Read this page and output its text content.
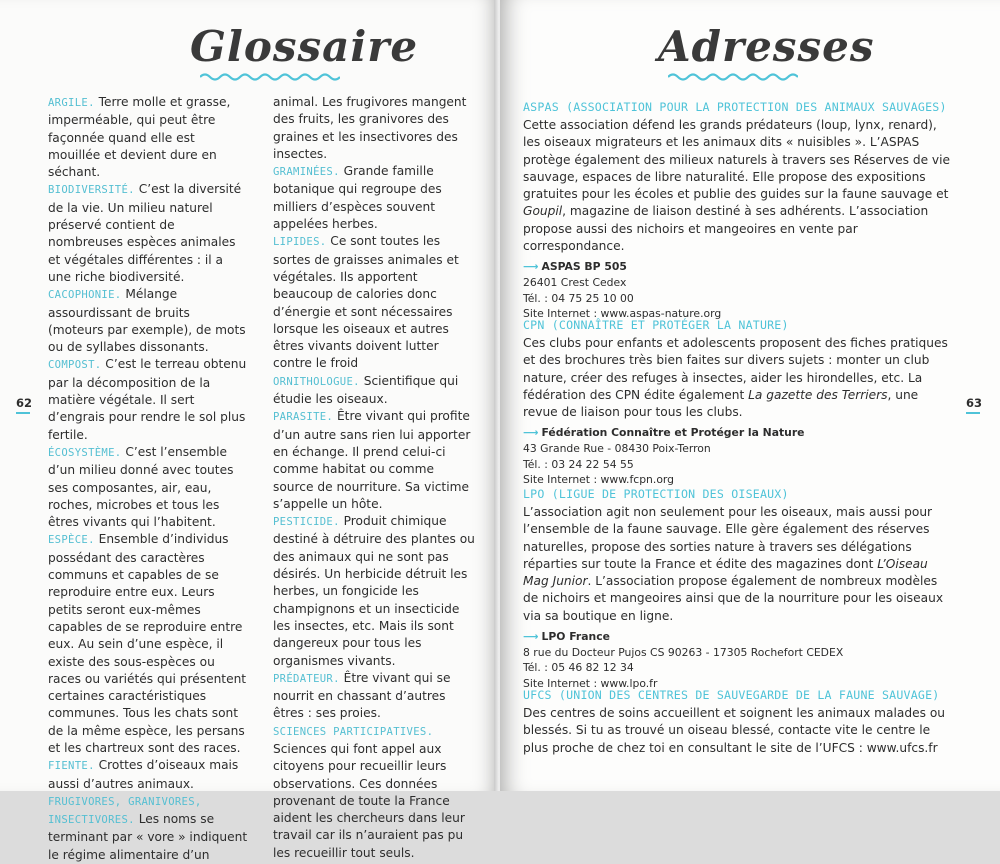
Glossaire

ARGILE. Terre molle et grasse, imperméable, qui peut être façonnée quand elle est mouillée et devient dure en séchant.

BIODIVERSITÉ. C’est la diversité de la vie. Un milieu naturel préservé contient de nombreuses espèces animales et végétales différentes : il a une riche biodiversité.

CACOPHONIE. Mélange assourdissant de bruits (moteurs par exemple), de mots ou de syllabes dissonants.

COMPOST. C’est le terreau obtenu par la décomposition de la matière végétale. Il sert d’engrais pour rendre le sol plus fertile.

ÉCOSYSTÈME. C’est l’ensemble d’un milieu donné avec toutes ses composantes, air, eau, roches, microbes et tous les êtres vivants qui l’habitent.

ESPÈCE. Ensemble d’individus possédant des caractères communs et capables de se reproduire entre eux. Leurs petits seront eux-mêmes capables de se reproduire entre eux. Au sein d’une espèce, il existe des sous-espèces ou races ou variétés qui présentent certaines caractéristiques communes. Tous les chats sont de la même espèce, les persans et les chartreux sont des races.

FIENTE. Crottes d’oiseaux mais aussi d’autres animaux.

FRUGIVORES, GRANIVORES, INSECTIVORES. Les noms se terminant par « vore » indiquent le régime alimentaire d’un

animal. Les frugivores mangent des fruits, les granivores des graines et les insectivores des insectes.

GRAMINÉES. Grande famille botanique qui regroupe des milliers d’espèces souvent appelées herbes.

LIPIDES. Ce sont toutes les sortes de graisses animales et végétales. Ils apportent beaucoup de calories donc d’énergie et sont nécessaires lorsque les oiseaux et autres êtres vivants doivent lutter contre le froid

ORNITHOLOGUE. Scientifique qui étudie les oiseaux.

PARASITE. Être vivant qui profite d’un autre sans rien lui apporter en échange. Il prend celui-ci comme habitat ou comme source de nourriture. Sa victime s’appelle un hôte.

PESTICIDE. Produit chimique destiné à détruire des plantes ou des animaux qui ne sont pas désirés. Un herbicide détruit les herbes, un fongicide les champignons et un insecticide les insectes, etc. Mais ils sont dangereux pour tous les organismes vivants.

PRÉDATEUR. Être vivant qui se nourrit en chassant d’autres êtres : ses proies.

SCIENCES PARTICIPATIVES. Sciences qui font appel aux citoyens pour recueillir leurs observations. Ces données provenant de toute la France aident les chercheurs dans leur travail car ils n’auraient pas pu les recueillir tout seuls.

62
Adresses
63
ASPAS (ASSOCIATION POUR LA PROTECTION DES ANIMAUX SAUVAGES)

Cette association défend les grands prédateurs (loup, lynx, renard), les oiseaux migrateurs et les animaux dits « nuisibles ». L’ASPAS protège également des milieux naturels à travers ses Réserves de vie sauvage, espaces de libre naturalité. Elle propose des expositions gratuites pour les écoles et publie des guides sur la faune sauvage et Goupil, magazine de liaison destiné à ses adhérents. L’association propose aussi des nichoirs et mangeoires en vente par correspondance.

⟶ ASPAS BP 505
26401 Crest Cedex
Tél. : 04 75 25 10 00
Site Internet : www.aspas-nature.org
CPN (CONNAÎTRE ET PROTÉGER LA NATURE)

Ces clubs pour enfants et adolescents proposent des fiches pratiques et des brochures très bien faites sur divers sujets : monter un club nature, créer des refuges à insectes, aider les hirondelles, etc. La fédération des CPN édite également La gazette des Terriers, une revue de liaison pour tous les clubs.

⟶ Fédération Connaître et Protéger la Nature
43 Grande Rue - 08430 Poix-Terron
Tél. : 03 24 22 54 55
Site Internet : www.fcpn.org
LPO (LIGUE DE PROTECTION DES OISEAUX)

L’association agit non seulement pour les oiseaux, mais aussi pour l’ensemble de la faune sauvage. Elle gère également des réserves naturelles, propose des sorties nature à travers ses délégations réparties sur toute la France et édite des magazines dont L’Oiseau Mag Junior. L’association propose également de nombreux modèles de nichoirs et mangeoires ainsi que de la nourriture pour les oiseaux via sa boutique en ligne.

⟶ LPO France
8 rue du Docteur Pujos CS 90263 - 17305 Rochefort CEDEX
Tél. : 05 46 82 12 34
Site Internet : www.lpo.fr
UFCS (UNION DES CENTRES DE SAUVEGARDE DE LA FAUNE SAUVAGE)

Des centres de soins accueillent et soignent les animaux malades ou blessés. Si tu as trouvé un oiseau blessé, contacte vite le centre le plus proche de chez toi en consultant le site de l’UFCS : www.ufcs.fr
